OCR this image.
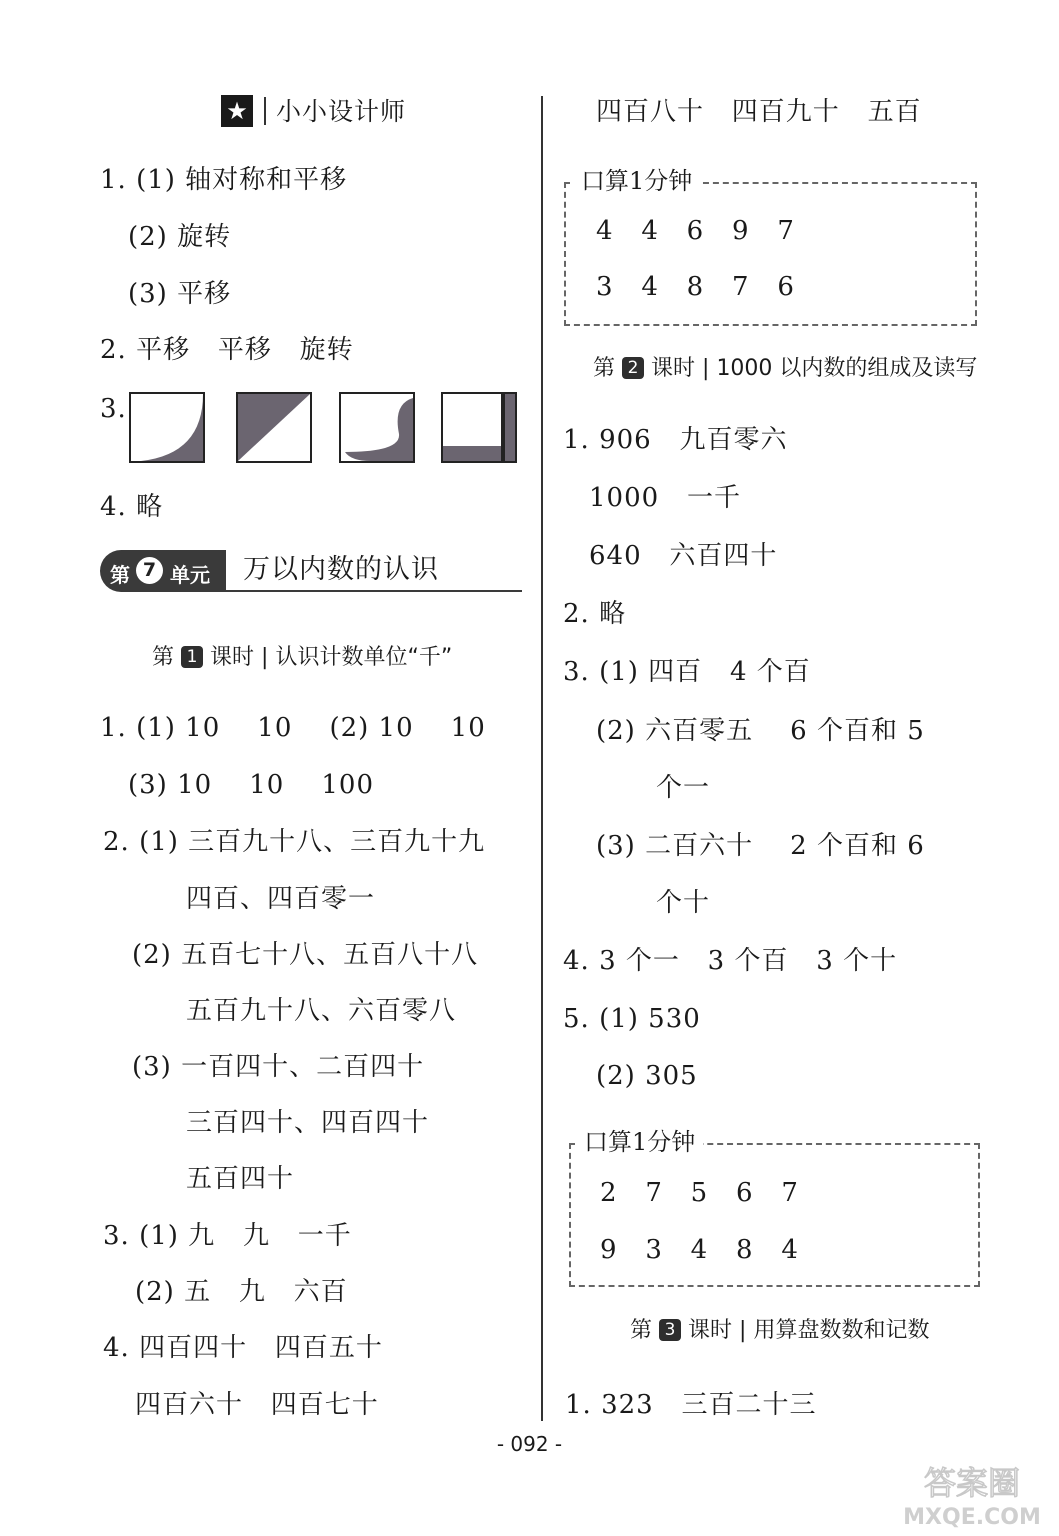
★ 小小设计师
1. (1) 轴对称和平移
(2) 旋转
(3) 平移
2. 平移   平移   旋转
3.
4. 略
第 7 单元 万以内数的认识
第 1 课时 | 认识计数单位“千”
1. (1) 10    10    (2) 10    10
(3) 10    10    100
2. (1) 三百九十八、三百九十九
四百、四百零一
(2) 五百七十八、五百八十八
五百九十八、六百零八
(3) 一百四十、二百四十
三百四十、四百四十
五百四十
3. (1) 九   九   一千
(2) 五   九   六百
4. 四百四十   四百五十
四百六十   四百七十
四百八十   四百九十   五百
口算1分钟
4   4   6   9   7
3   4   8   7   6
第 2 课时 | 1000 以内数的组成及读写
1. 906   九百零六
1000   一千
640   六百四十
2. 略
3. (1) 四百   4 个百
(2) 六百零五    6 个百和 5
个一
(3) 二百六十    2 个百和 6
个十
4. 3 个一   3 个百   3 个十
5. (1) 530
(2) 305
口算1分钟
2   7   5   6   7
9   3   4   8   4
第 3 课时 | 用算盘数数和记数
1. 323   三百二十三
- 092 -
答案圈
MXQE.COM
